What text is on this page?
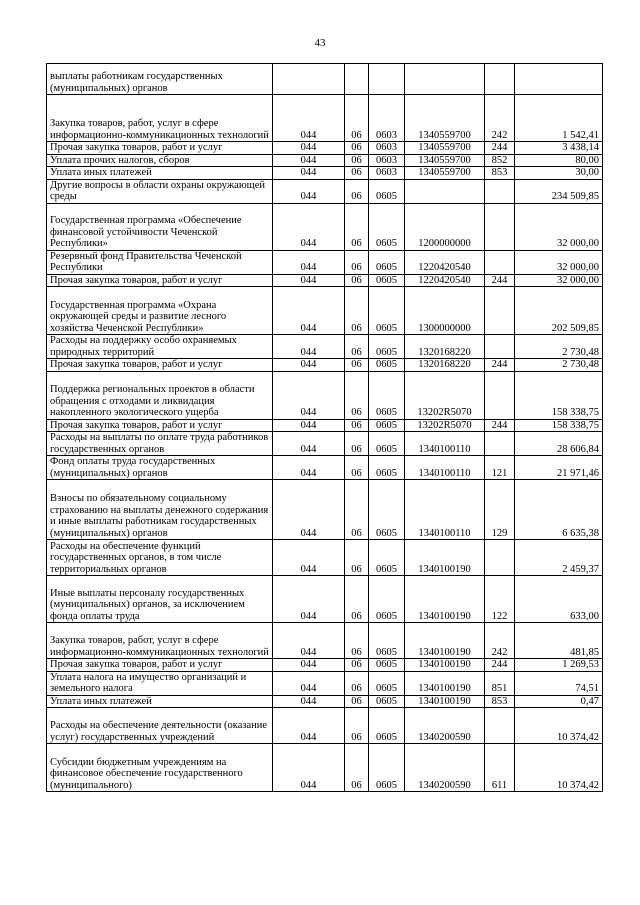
43
выплаты работникам государственных (муниципальных) органов						
Закупка товаров, работ, услуг в сфере информационно-коммуникационных технологий	044	06	0603	1340559700	242	1 542,41
Прочая закупка товаров, работ и услуг	044	06	0603	1340559700	244	3 438,14
Уплата прочих налогов, сборов	044	06	0603	1340559700	852	80,00
Уплата иных платежей	044	06	0603	1340559700	853	30,00
Другие вопросы в области охраны окружающей среды	044	06	0605			234 509,85
Государственная программа «Обеспечение финансовой устойчивости Чеченской Республики»	044	06	0605	1200000000		32 000,00
Резервный фонд Правительства Чеченской Республики	044	06	0605	1220420540		32 000,00
Прочая закупка товаров, работ и услуг	044	06	0605	1220420540	244	32 000,00
Государственная программа «Охрана окружающей среды и развитие лесного хозяйства Чеченской Республики»	044	06	0605	1300000000		202 509,85
Расходы на поддержку особо охраняемых природных территорий	044	06	0605	1320168220		2 730,48
Прочая закупка товаров, работ и услуг	044	06	0605	1320168220	244	2 730,48
Поддержка региональных проектов в области обращения с отходами и ликвидация накопленного экологического ущерба	044	06	0605	13202R5070		158 338,75
Прочая закупка товаров, работ и услуг	044	06	0605	13202R5070	244	158 338,75
Расходы на выплаты по оплате труда работников государственных органов	044	06	0605	1340100110		28 606,84
Фонд оплаты труда государственных (муниципальных) органов	044	06	0605	1340100110	121	21 971,46
Взносы по обязательному социальному страхованию на выплаты денежного содержания и иные выплаты работникам государственных (муниципальных) органов	044	06	0605	1340100110	129	6 635,38
Расходы на обеспечение функций государственных органов, в том числе территориальных органов	044	06	0605	1340100190		2 459,37
Иные выплаты персоналу государственных (муниципальных) органов, за исключением фонда оплаты труда	044	06	0605	1340100190	122	633,00
Закупка товаров, работ, услуг в сфере информационно-коммуникационных технологий	044	06	0605	1340100190	242	481,85
Прочая закупка товаров, работ и услуг	044	06	0605	1340100190	244	1 269,53
Уплата налога на имущество организаций и земельного налога	044	06	0605	1340100190	851	74,51
Уплата иных платежей	044	06	0605	1340100190	853	0,47
Расходы на обеспечение деятельности (оказание услуг) государственных учреждений	044	06	0605	1340200590		10 374,42
Субсидии бюджетным учреждениям на финансовое обеспечение государственного (муниципального)	044	06	0605	1340200590	611	10 374,42
